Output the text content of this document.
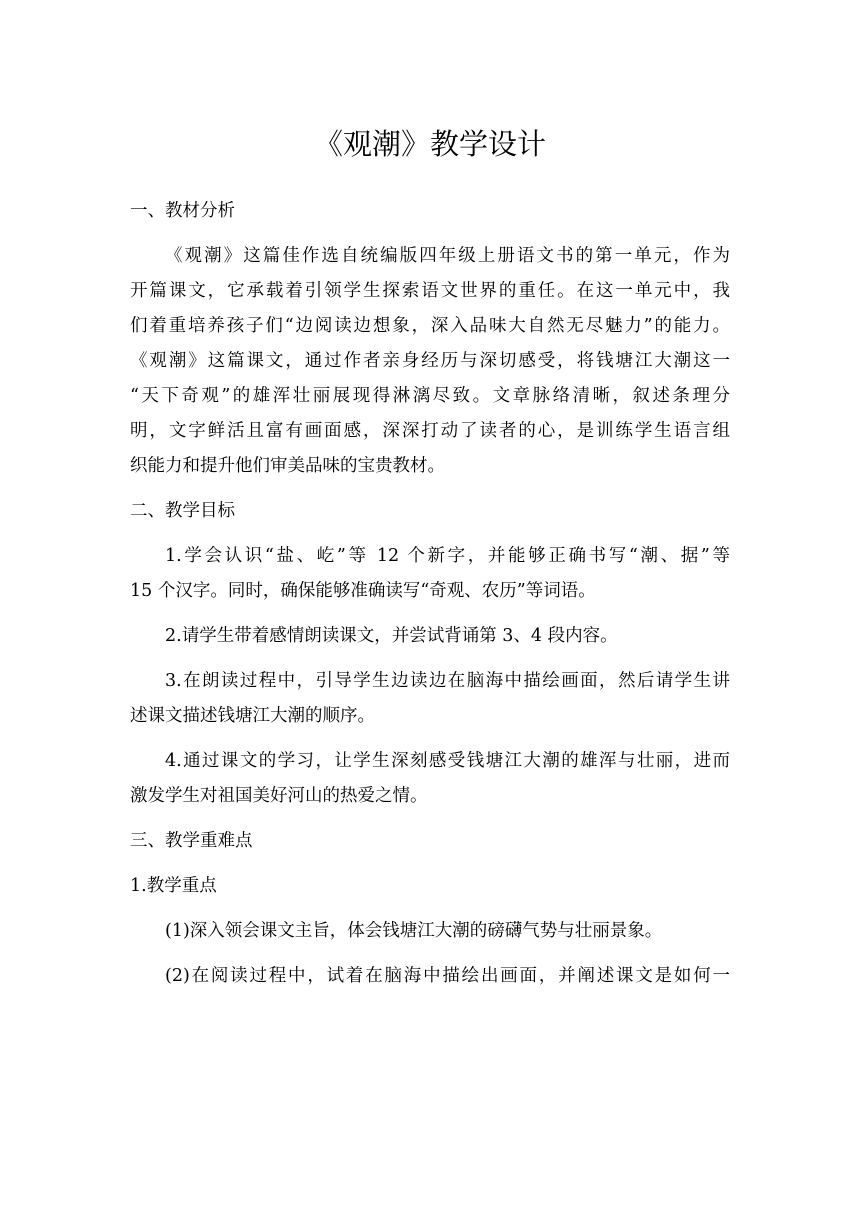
《观潮》教学设计
一、教材分析
《观潮》这篇佳作选自统编版四年级上册语文书的第一单元，作为
开篇课文，它承载着引领学生探索语文世界的重任。在这一单元中，我
们着重培养孩子们“边阅读边想象，深入品味大自然无尽魅力”的能力。
《观潮》这篇课文，通过作者亲身经历与深切感受，将钱塘江大潮这一
“天下奇观”的雄浑壮丽展现得淋漓尽致。文章脉络清晰，叙述条理分
明，文字鲜活且富有画面感，深深打动了读者的心，是训练学生语言组
织能力和提升他们审美品味的宝贵教材。
二、教学目标
1.学会认识“盐、屹”等 12 个新字，并能够正确书写“潮、据”等
15 个汉字。同时，确保能够准确读写“奇观、农历”等词语。
2.请学生带着感情朗读课文，并尝试背诵第 3、4 段内容。
3.在朗读过程中，引导学生边读边在脑海中描绘画面，然后请学生讲
述课文描述钱塘江大潮的顺序。
4.通过课文的学习，让学生深刻感受钱塘江大潮的雄浑与壮丽，进而
激发学生对祖国美好河山的热爱之情。
三、教学重难点
1.教学重点
(1)深入领会课文主旨，体会钱塘江大潮的磅礴气势与壮丽景象。
(2)在阅读过程中，试着在脑海中描绘出画面，并阐述课文是如何一
